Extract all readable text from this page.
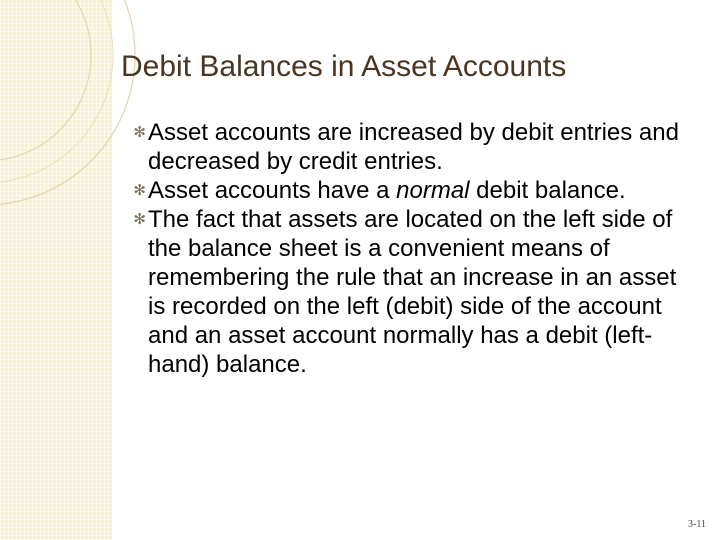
Debit Balances in Asset Accounts
✻ Asset accounts are increased by debit entries and decreased by credit entries.
✻ Asset accounts have a normal debit balance.
✻ The fact that assets are located on the left side of the balance sheet is a convenient means of remembering the rule that an increase in an asset is recorded on the left (debit) side of the account and an asset account normally has a debit (left-hand) balance.
3-11
